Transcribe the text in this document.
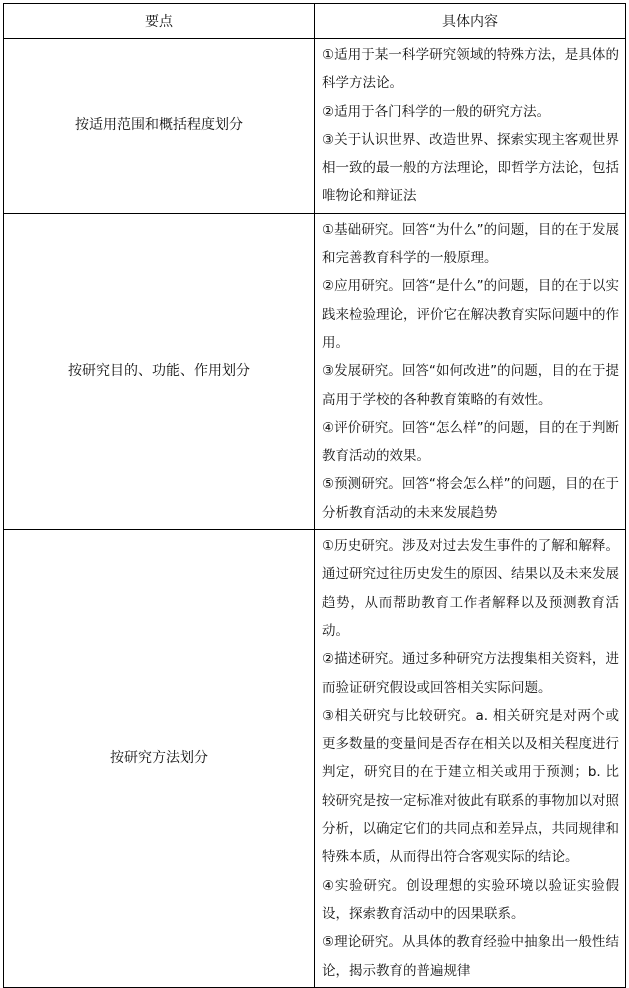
要点	具体内容
按适用范围和概括程度划分	①适用于某一科学研究领域的特殊方法，是具体的科学方法论。
②适用于各门科学的一般的研究方法。
③关于认识世界、改造世界、探索实现主客观世界相一致的最一般的方法理论，即哲学方法论，包括唯物论和辩证法

按研究目的、功能、作用划分	①基础研究。回答“为什么”的问题，目的在于发展和完善教育科学的一般原理。
②应用研究。回答“是什么”的问题，目的在于以实践来检验理论，评价它在解决教育实际问题中的作用。
③发展研究。回答“如何改进”的问题，目的在于提高用于学校的各种教育策略的有效性。
④评价研究。回答“怎么样”的问题，目的在于判断教育活动的效果。
⑤预测研究。回答“将会怎么样”的问题，目的在于分析教育活动的未来发展趋势

按研究方法划分	①历史研究。涉及对过去发生事件的了解和解释。通过研究过往历史发生的原因、结果以及未来发展趋势，从而帮助教育工作者解释以及预测教育活动。
②描述研究。通过多种研究方法搜集相关资料，进而验证研究假设或回答相关实际问题。
③相关研究与比较研究。a. 相关研究是对两个或更多数量的变量间是否存在相关以及相关程度进行判定，研究目的在于建立相关或用于预测；b. 比较研究是按一定标准对彼此有联系的事物加以对照分析，以确定它们的共同点和差异点，共同规律和特殊本质，从而得出符合客观实际的结论。
④实验研究。创设理想的实验环境以验证实验假设，探索教育活动中的因果联系。
⑤理论研究。从具体的教育经验中抽象出一般性结论，揭示教育的普遍规律
